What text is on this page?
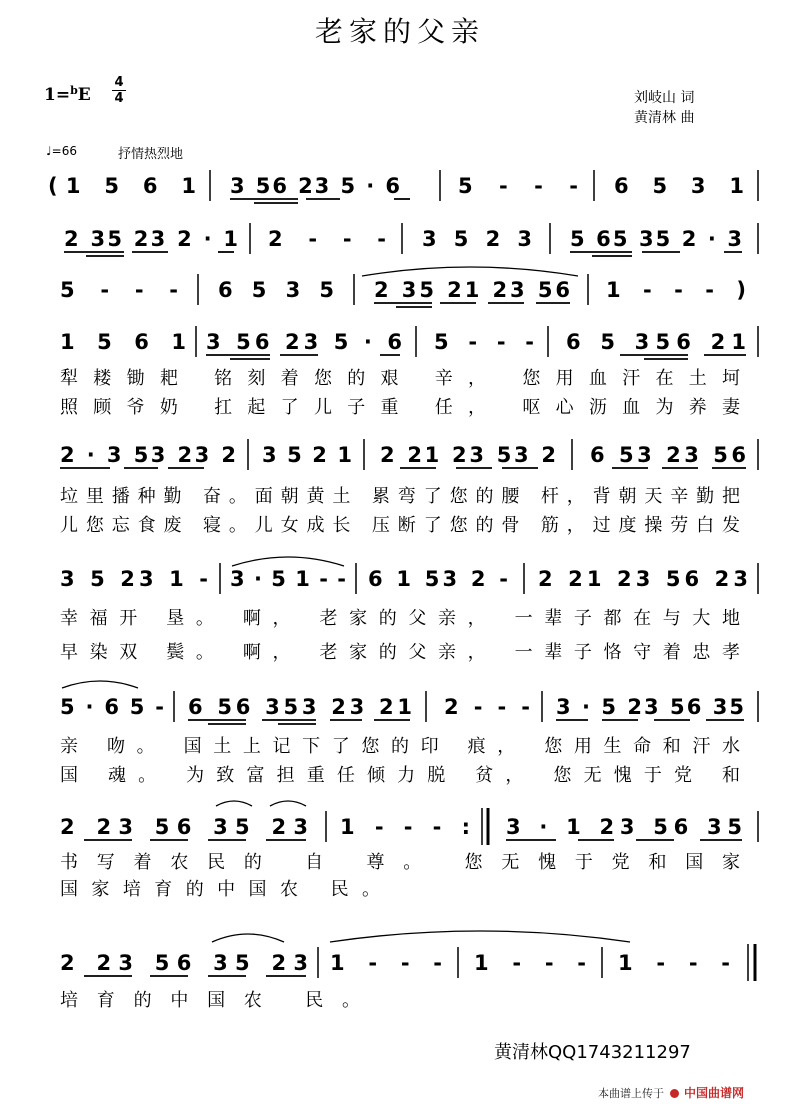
老家的父亲
1=$^b$E
4
4	刘岐山 词
黄清林 曲
♩=66	抒情热烈地
(1 5 6 1 3 56 23 5 · 6	5 - - - 6 5 3 1
2 35 23 2 · 1 2 - - - 3 5 2 3 5 65 35 2 · 3
5 - - - 6 5 3 5 2 35 21 23 56 1 - - - )
1 5 6 1 3 56 23 5 · 6 5 - - - 6 5 356 21
犁耧锄耙 铭刻着您的艰 辛， 您用血汗在土坷
照顾爷奶 扛起了儿子重 任， 呕心沥血为养妻
2 · 3 53 23 2 3 5 2 1 2 21 23 53 2 6 53 23 56
垃里播种勤 奋。面朝黄土 累弯了您的腰 杆，背朝天辛勤把
儿您忘食废 寝。儿女成长 压断了您的骨 筋，过度操劳白发
3 5 23 1 - 3 · 5 1 - - 6 1 53 2 - 2 21 23 56 23
幸福开 垦。 啊， 老家的父亲， 一辈子都在与大地
早染双 鬓。 啊， 老家的父亲， 一辈子恪守着忠孝
5 · 6 5 - 6 56 353 23 21 2 - - - 3 · 5 23 56 35
亲 吻。 国土上记下了您的印 痕， 您用生命和汗水
国 魂。 为致富担重任倾力脱 贫， 您无愧于党 和
2 23 56 35 23 1 - - - : 3 · 1 23 56 35
书写着农民的 自 尊。 您无愧于党和国家
国家培育的中国农 民。
2 23 56 35 23 1 - - - 1 - - - 1 - - -
培育的中国农 民。
黄清林QQ1743211297
本曲谱上传于 中国曲谱网
